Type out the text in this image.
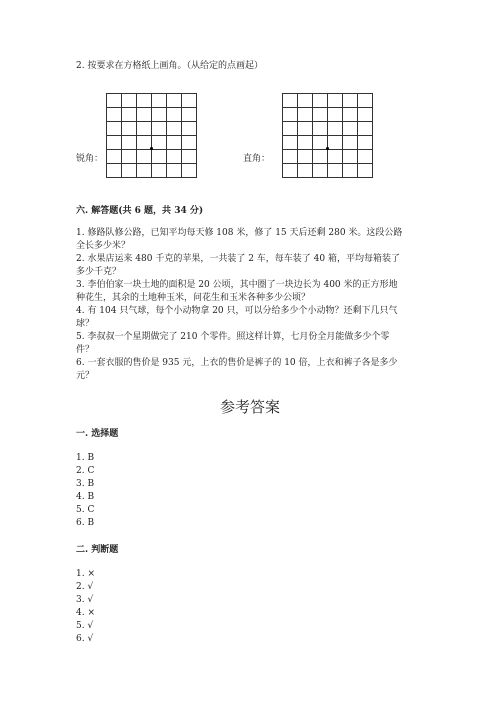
2. 按要求在方格纸上画角。（从给定的点画起）
锐角：	直角：
六. 解答题(共 6 题，共 34 分)
1. 修路队修公路，已知平均每天修 108 米，修了 15 天后还剩 280 米。这段公路
全长多少米？
2. 水果店运来 480 千克的苹果，一共装了 2 车，每车装了 40 箱，平均每箱装了
多少千克？
3. 李伯伯家一块土地的面积是 20 公顷，其中圈了一块边长为 400 米的正方形地
种花生，其余的土地种玉米，问花生和玉米各种多少公顷？
4. 有 104 只气球，每个小动物拿 20 只，可以分给多少个小动物？还剩下几只气
球？
5. 李叔叔一个星期做完了 210 个零件。照这样计算，七月份全月能做多少个零
件？
6. 一套衣服的售价是 935 元，上衣的售价是裤子的 10 倍，上衣和裤子各是多少
元？
参考答案
一. 选择题
1. B
2. C
3. B
4. B
5. C
6. B
二. 判断题
1. ×
2. √
3. √
4. ×
5. √
6. √
